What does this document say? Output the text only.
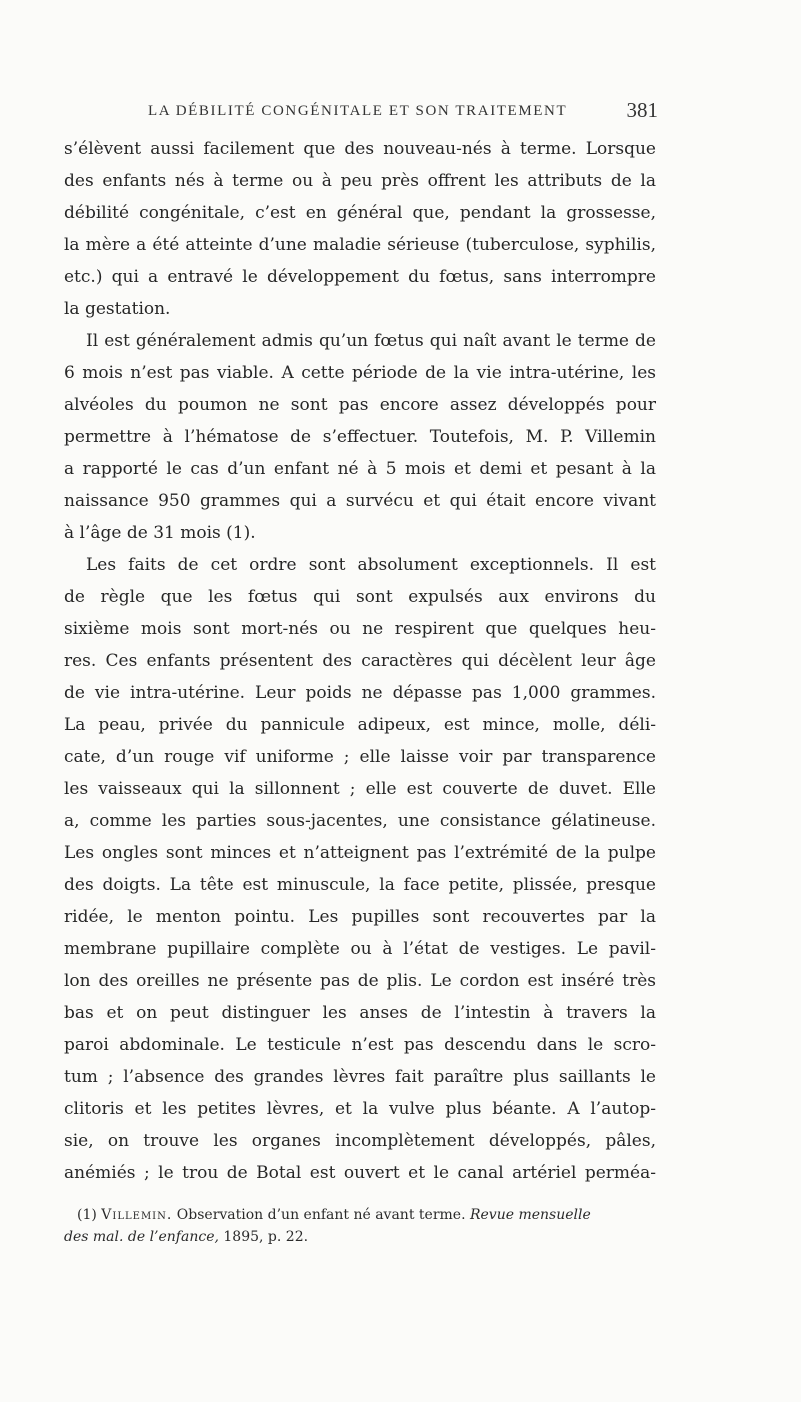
LA DÉBILITÉ CONGÉNITALE ET SON TRAITEMENT	381
s’élèvent aussi facilement que des nouveau-nés à terme. Lorsque
des enfants nés à terme ou à peu près offrent les attributs de la
débilité congénitale, c’est en général que, pendant la grossesse,
la mère a été atteinte d’une maladie sérieuse (tuberculose, syphilis,
etc.) qui a entravé le développement du fœtus, sans interrompre
la gestation.
Il est généralement admis qu’un fœtus qui naît avant le terme de
6 mois n’est pas viable. A cette période de la vie intra-utérine, les
alvéoles du poumon ne sont pas encore assez développés pour
permettre à l’hématose de s’effectuer. Toutefois, M. P. Villemin
a rapporté le cas d’un enfant né à 5 mois et demi et pesant à la
naissance 950 grammes qui a survécu et qui était encore vivant
à l’âge de 31 mois (1).
Les faits de cet ordre sont absolument exceptionnels. Il est
de règle que les fœtus qui sont expulsés aux environs du
sixième mois sont mort-nés ou ne respirent que quelques heu-
res. Ces enfants présentent des caractères qui décèlent leur âge
de vie intra-utérine. Leur poids ne dépasse pas 1,000 grammes.
La peau, privée du pannicule adipeux, est mince, molle, déli-
cate, d’un rouge vif uniforme ; elle laisse voir par transparence
les vaisseaux qui la sillonnent ; elle est couverte de duvet. Elle
a, comme les parties sous-jacentes, une consistance gélatineuse.
Les ongles sont minces et n’atteignent pas l’extrémité de la pulpe
des doigts. La tête est minuscule, la face petite, plissée, presque
ridée, le menton pointu. Les pupilles sont recouvertes par la
membrane pupillaire complète ou à l’état de vestiges. Le pavil-
lon des oreilles ne présente pas de plis. Le cordon est inséré très
bas et on peut distinguer les anses de l’intestin à travers la
paroi abdominale. Le testicule n’est pas descendu dans le scro-
tum ; l’absence des grandes lèvres fait paraître plus saillants le
clitoris et les petites lèvres, et la vulve plus béante. A l’autop-
sie, on trouve les organes incomplètement développés, pâles,
anémiés ; le trou de Botal est ouvert et le canal artériel perméa-
(1) Villemin. Observation d’un enfant né avant terme. Revue mensuelle
des mal. de l’enfance, 1895, p. 22.
